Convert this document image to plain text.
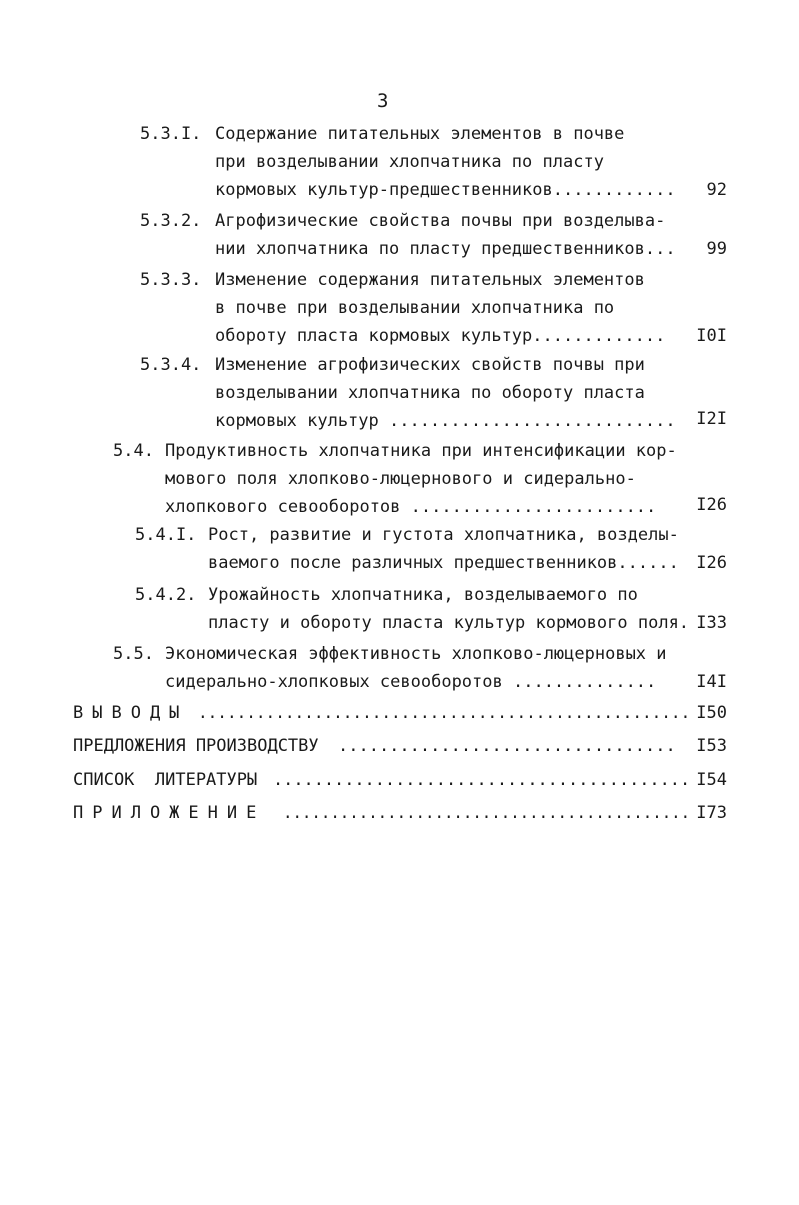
3
5.3.I. Содержание питательных элементов в почве
при возделывании хлопчатника по пласту
кормовых культур-предшественников............	92
5.3.2. Агрофизические свойства почвы при возделыва-
нии хлопчатника по пласту предшественников...	99
5.3.3. Изменение содержания питательных элементов
в почве при возделывании хлопчатника по
обороту пласта кормовых культур.............	I0I
5.3.4. Изменение агрофизических свойств почвы при
возделывании хлопчатника по обороту пласта
кормовых культур ............................	I2I
5.4. Продуктивность хлопчатника при интенсификации кор-
мового поля хлопково-люцернового и сидерально-
хлопкового севооборотов ........................	I26
5.4.I. Рост, развитие и густота хлопчатника, возделы-
ваемого после различных предшественников......	I26
5.4.2. Урожайность хлопчатника, возделываемого по
пласту и обороту пласта культур кормового поля. I33
5.5. Экономическая эффективность хлопково-люцерновых и
сидерально-хлопковых севооборотов ..............	I4I
ВЫВОДЫ ................................................... I50
ПРЕДЛОЖЕНИЯ ПРОИЗВОДСТВУ .................................	I53
СПИСОК  ЛИТЕРАТУРЫ ......................................... I54
ПРИЛОЖЕНИЕ ........................................... I73
